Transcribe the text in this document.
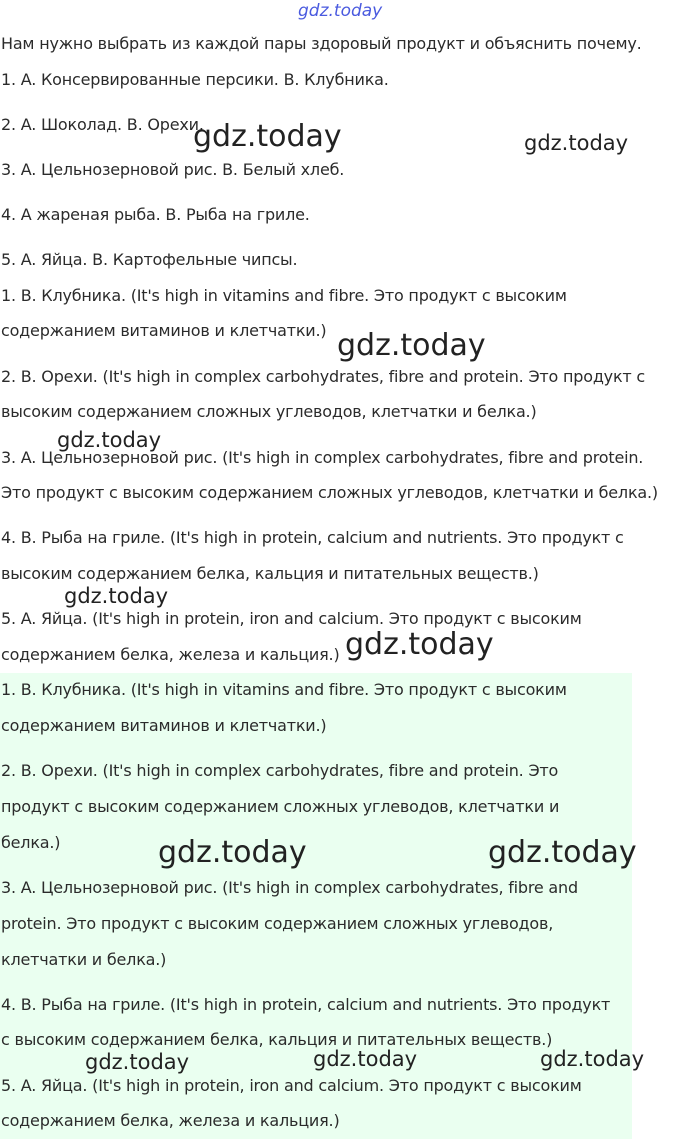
gdz.today

Нам нужно выбрать из каждой пары здоровый продукт и объяснить почему.

1. A. Консервированные персики. B. Клубника.

2. A. Шоколад. B. Орехи.

3. A. Цельнозерновой рис. B. Белый хлеб.

4. A жареная рыба. B. Рыба на гриле.

5. A. Яйца. B. Картофельные чипсы.

1. B. Клубника. (It's high in vitamins and fibre. Это продукт с высоким

содержанием витаминов и клетчатки.)

2. B. Орехи. (It's high in complex carbohydrates, fibre and protein. Это продукт с

высоким содержанием сложных углеводов, клетчатки и белка.)

3. A. Цельнозерновой рис. (It's high in complex carbohydrates, fibre and protein.

Это продукт с высоким содержанием сложных углеводов, клетчатки и белка.)

4. B. Рыба на гриле. (It's high in protein, calcium and nutrients. Это продукт с

высоким содержанием белка, кальция и питательных веществ.)

5. A. Яйца. (It's high in protein, iron and calcium. Это продукт с высоким

содержанием белка, железа и кальция.)

1. B. Клубника. (It's high in vitamins and fibre. Это продукт с высоким

содержанием витаминов и клетчатки.)

2. B. Орехи. (It's high in complex carbohydrates, fibre and protein. Это

продукт с высоким содержанием сложных углеводов, клетчатки и

белка.)

3. A. Цельнозерновой рис. (It's high in complex carbohydrates, fibre and

protein. Это продукт с высоким содержанием сложных углеводов,

клетчатки и белка.)

4. B. Рыба на гриле. (It's high in protein, calcium and nutrients. Это продукт

с высоким содержанием белка, кальция и питательных веществ.)

5. A. Яйца. (It's high in protein, iron and calcium. Это продукт с высоким

содержанием белка, железа и кальция.)

gdz.today	gdz.today

gdz.today

gdz.today

gdz.today

gdz.today

gdz.today	gdz.today

gdz.today	gdz.today	gdz.today
